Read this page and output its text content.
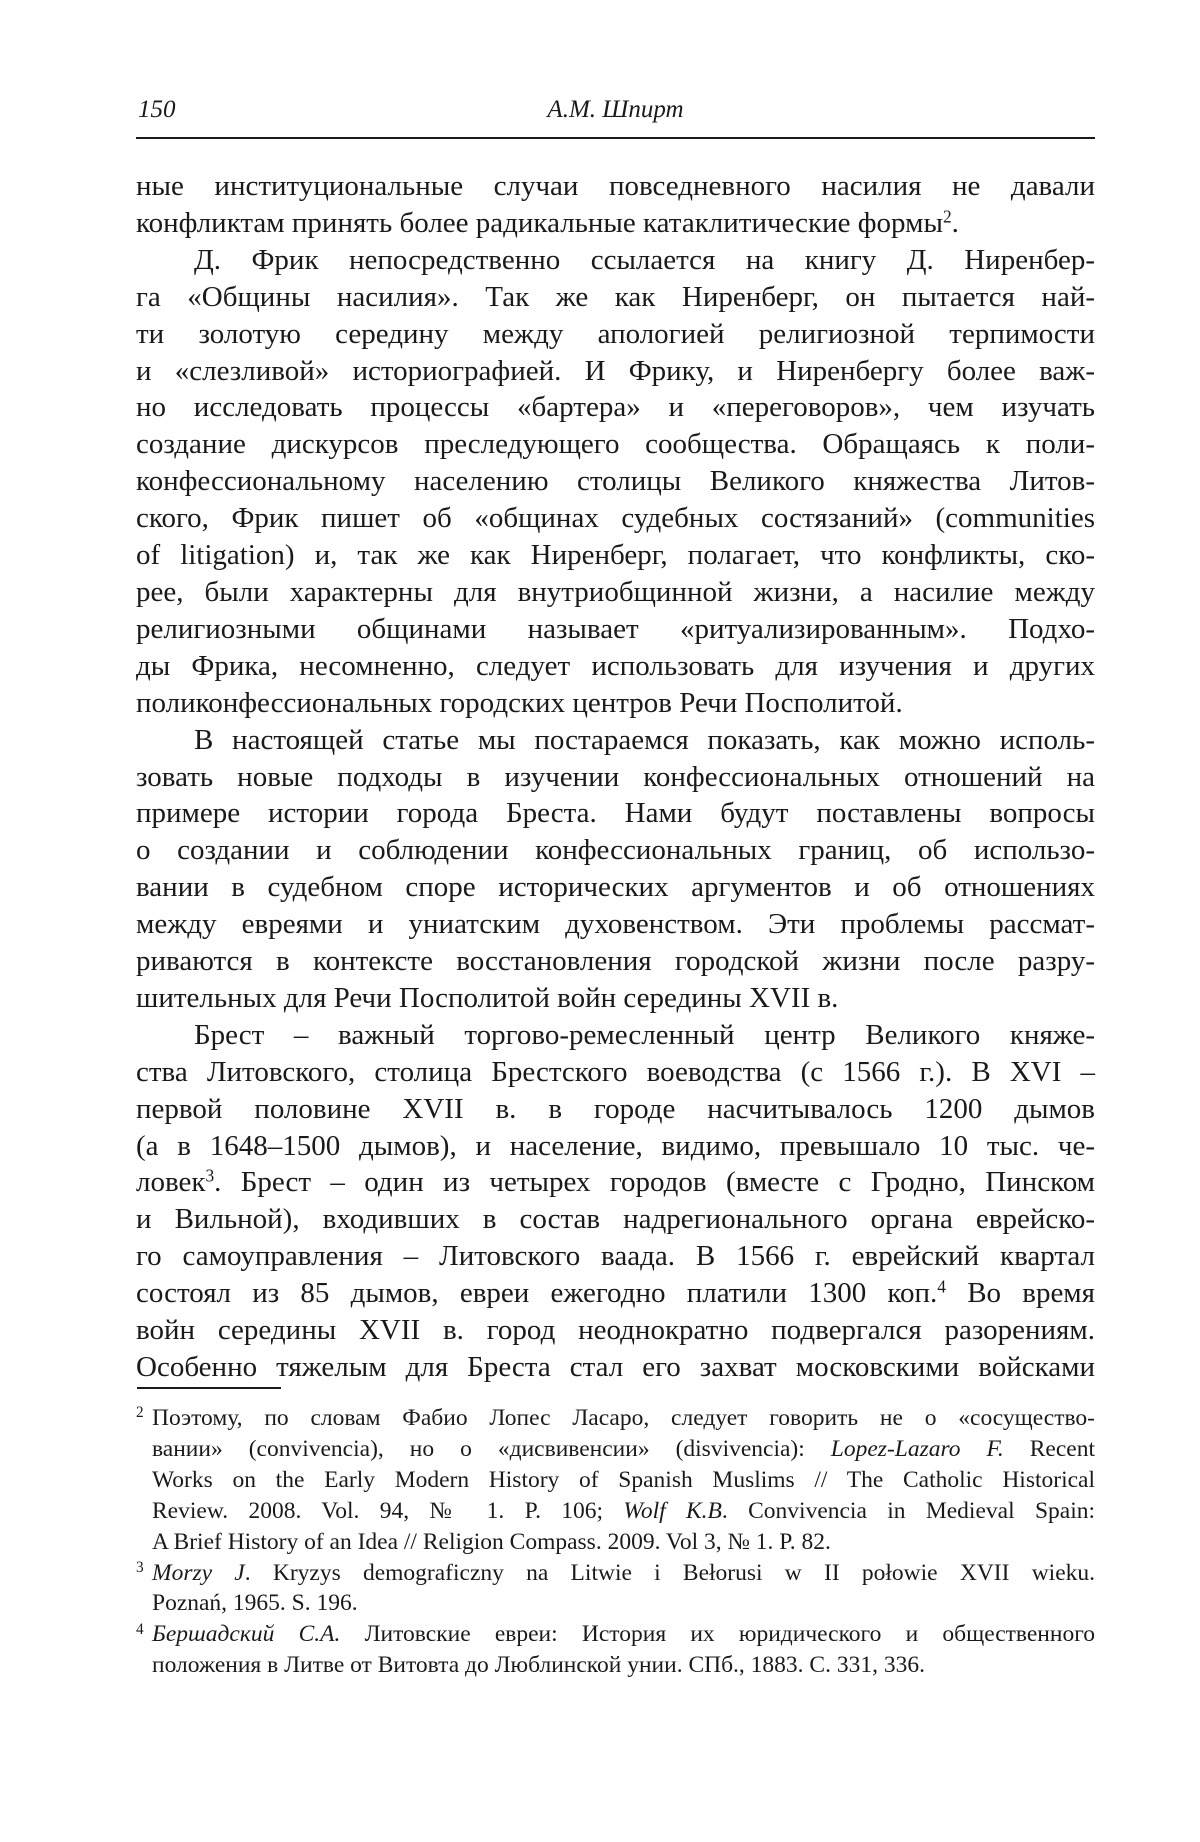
150	А.М. Шпирт
ные институциональные случаи повседневного насилия не давали
конфликтам принять более радикальные катаклитические формы$^2$.
Д. Фрик непосредственно ссылается на книгу Д. Ниренбер-
га «Общины насилия». Так же как Ниренберг, он пытается най-
ти золотую середину между апологией религиозной терпимости
и «слезливой» историографией. И Фрику, и Ниренбергу более важ-
но исследовать процессы «бартера» и «переговоров», чем изучать
создание дискурсов преследующего сообщества. Обращаясь к поли-
конфессиональному населению столицы Великого княжества Литов-
ского, Фрик пишет об «общинах судебных состязаний» (communities
of litigation) и, так же как Ниренберг, полагает, что конфликты, ско-
рее, были характерны для внутриобщинной жизни, а насилие между
религиозными общинами называет «ритуализированным». Подхо-
ды Фрика, несомненно, следует использовать для изучения и других
поликонфессиональных городских центров Речи Посполитой.
В настоящей статье мы постараемся показать, как можно исполь-
зовать новые подходы в изучении конфессиональных отношений на
примере истории города Бреста. Нами будут поставлены вопросы
о создании и соблюдении конфессиональных границ, об использо-
вании в судебном споре исторических аргументов и об отношениях
между евреями и униатским духовенством. Эти проблемы рассмат-
риваются в контексте восстановления городской жизни после разру-
шительных для Речи Посполитой войн середины XVII в.
Брест – важный торгово-ремесленный центр Великого княже-
ства Литовского, столица Брестского воеводства (с 1566 г.). В XVI –
первой половине XVII в. в городе насчитывалось 1200 дымов
(а в 1648–1500 дымов), и население, видимо, превышало 10 тыс. че-
ловек$^3$. Брест – один из четырех городов (вместе с Гродно, Пинском
и Вильной), входивших в состав надрегионального органа еврейско-
го самоуправления – Литовского ваада. В 1566 г. еврейский квартал
состоял из 85 дымов, евреи ежегодно платили 1300 коп.$^4$ Во время
войн середины XVII в. город неоднократно подвергался разорениям.
Особенно тяжелым для Бреста стал его захват московскими войсками
2 Поэтому, по словам Фабио Лопес Ласаро, следует говорить не о «сосущество-
вании» (convivencia), но о «дисвивенсии» (disvivencia): Lopez-Lazaro F. Recent
Works on the Early Modern History of Spanish Muslims // The Catholic Historical
Review. 2008. Vol. 94, № 1. P. 106; Wolf K.B. Convivencia in Medieval Spain:
A Brief History of an Idea // Religion Compass. 2009. Vol 3, № 1. P. 82.
3 Morzy J. Kryzys demograficzny na Litwie i Bełorusi w II połowie XVII wieku.
Poznań, 1965. S. 196.
4 Бершадский С.А. Литовские евреи: История их юридического и общественного
положения в Литве от Витовта до Люблинской унии. СПб., 1883. С. 331, 336.
